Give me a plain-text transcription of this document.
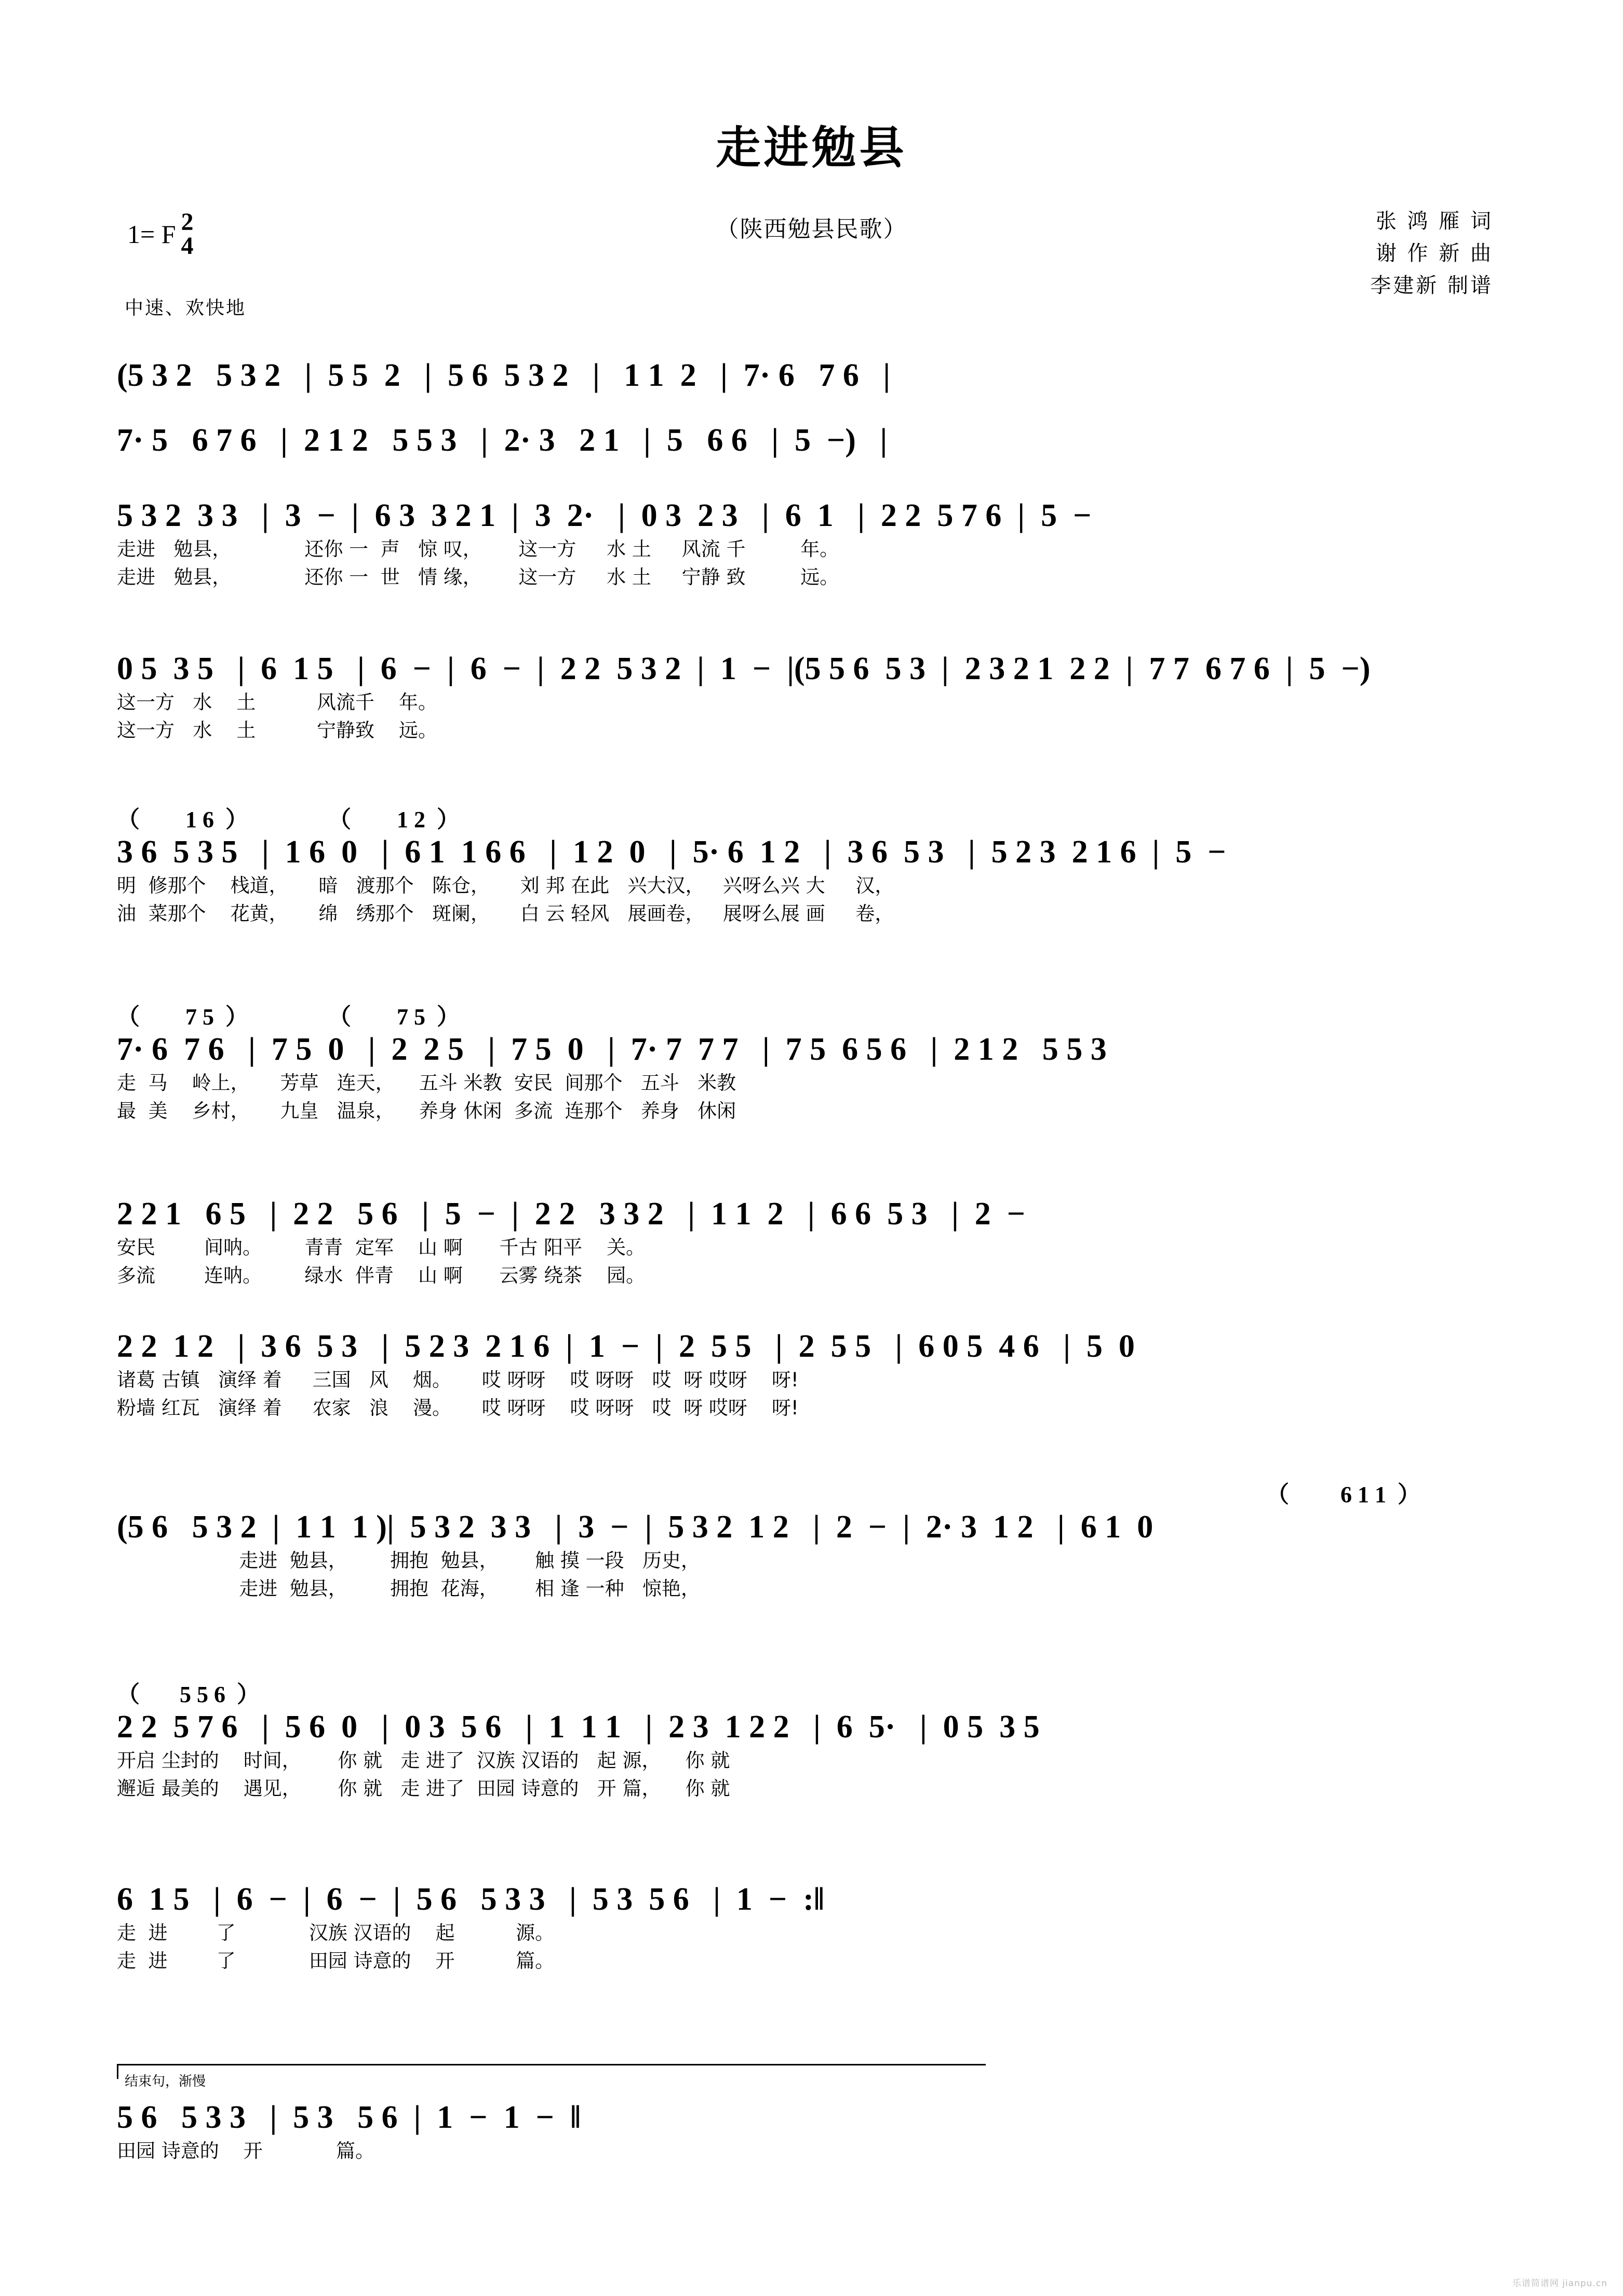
走进勉县
（陕西勉县民歌）
1= F 2
4
中速、欢快地
张 鸿 雁 词
谢 作 新 曲
李建新 制谱
(5 3 2   5 3 2   |  5 5  2   |  5 6  5 3 2   |   1 1  2   |  7· 6   7 6   |
7· 5   6 7 6   |  2 1 2   5 5 3   |  2· 3   2 1   |  5   6 6   |  5  −)   |
5 3 2  3 3   |  3  −  |  6 3  3 2 1  |  3  2·   |  0 3  2 3   |  6  1   |  2 2  5 7 6  |  5  −
走进   勉县，            还你 一  声   惊 叹，      这一方     水 土     风流 千         年。
走进   勉县，            还你 一  世   情 缘，      这一方     水 土     宁静 致         远。
0 5  3 5   |  6  1 5   |  6  −  |  6  −  |  2 2  5 3 2  |  1  −  |(5 5 6  5 3  |  2 3 2 1  2 2  |  7 7  6 7 6  |  5  −)
这一方   水    土          风流千    年。
这一方   水    土          宁静致    远。
（        1 6  ）              （        1 2  ）
3 6  5 3 5   |  1 6  0   |  6 1  1 6 6   |  1 2  0   |  5· 6  1 2   |  3 6  5 3   |  5 2 3  2 1 6  |  5  −
明  修那个    栈道，     暗   渡那个   陈仓，     刘 邦 在此   兴大汉，   兴呀么兴 大     汉，
油  菜那个    花黄，     绵   绣那个   斑阑，     白 云 轻风   展画卷，   展呀么展 画     卷，
（        7 5  ）              （        7 5  ）
7· 6  7 6   |  7 5  0   |  2  2 5   |  7 5  0   |  7· 7  7 7   |  7 5  6 5 6   |  2 1 2   5 5 3
走  马    岭上，     芳草   连天，    五斗 米教  安民  间那个   五斗   米教
最  美    乡村，     九皇   温泉，    养身 休闲  多流  连那个   养身   休闲
2 2 1   6 5   |  2 2   5 6   |  5  −  |  2 2   3 3 2   |  1 1  2   |  6 6  5 3   |  2  −
安民        间呐。       青青  定军    山 啊      千古 阳平    关。
多流        连呐。       绿水  伴青    山 啊      云雾 绕茶    园。
2 2  1 2   |  3 6  5 3   |  5 2 3  2 1 6  |  1  −  |  2  5 5   |  2  5 5   |  6 0 5  4 6   |  5  0
诸葛 古镇   演绎 着     三国   风    烟。     哎 呀呀    哎 呀呀   哎  呀 哎呀    呀!
粉墙 红瓦   演绎 着     农家   浪    漫。     哎 呀呀    哎 呀呀   哎  呀 哎呀    呀!
（         6 1 1  ）
(5 6   5 3 2  |  1 1  1 )|  5 3 2  3 3   |  3  −  |  5 3 2  1 2   |  2  −  |  2· 3  1 2   |  6 1  0
走进  勉县，       拥抱  勉县，      触 摸 一段   历史，
走进  勉县，       拥抱  花海，      相 逢 一种   惊艳，
（       5 5 6  ）
2 2  5 7 6   |  5 6  0   |  0 3  5 6   |  1  1 1   |  2 3  1 2 2   |  6  5·   |  0 5  3 5
开启 尘封的    时间，      你 就   走 进了  汉族 汉语的   起 源，    你 就
邂逅 最美的    遇见，      你 就   走 进了  田园 诗意的   开 篇，    你 就
6  1 5   |  6  −  |  6  −  |  5 6   5 3 3   |  5 3  5 6   |  1  −  :‖
走  进        了            汉族 汉语的    起          源。
走  进        了            田园 诗意的    开          篇。
结束句，渐慢
5 6   5 3 3   |  5 3   5 6  |  1  −  1  −  ‖
田园 诗意的    开            篇。
乐谱简谱网 jianpu.cn
